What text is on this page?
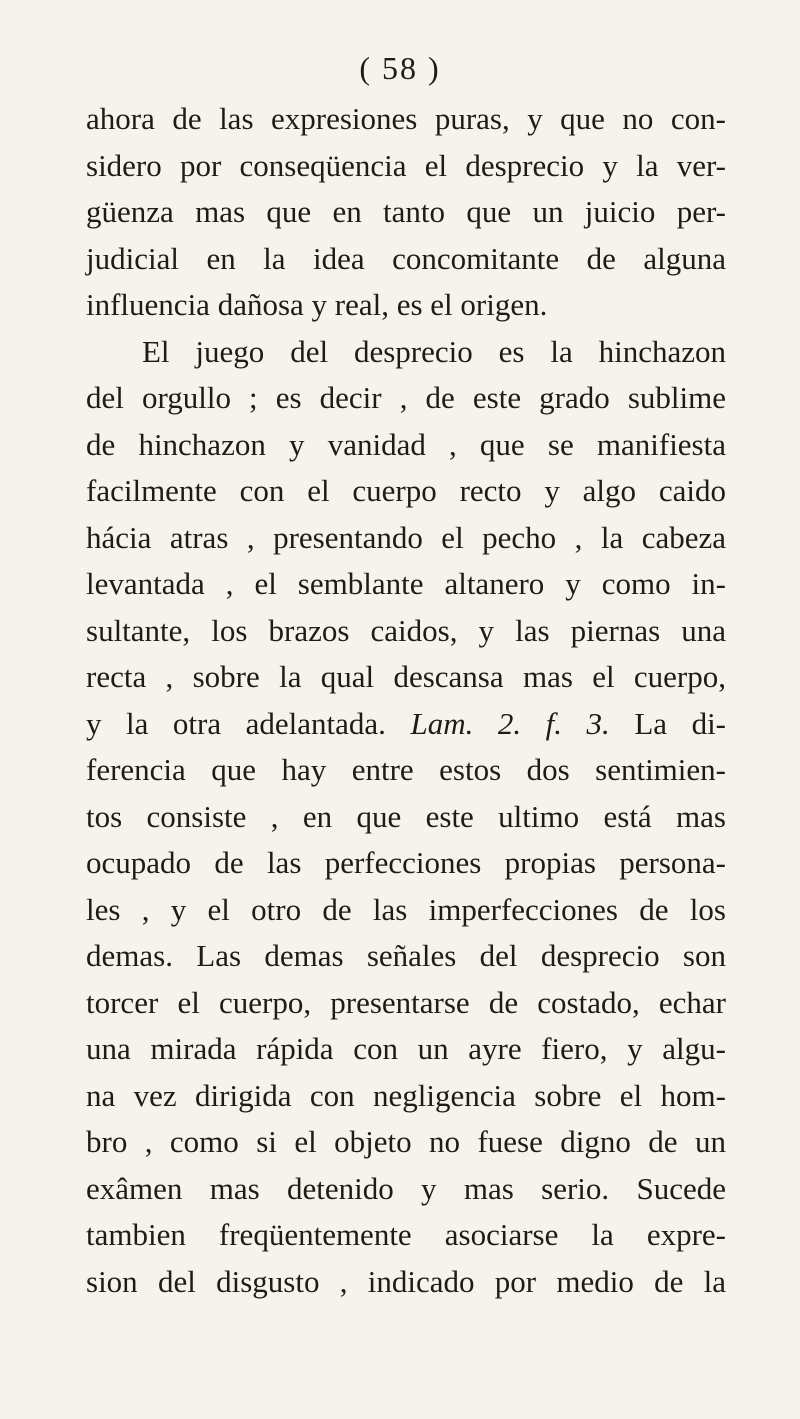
( 58 )
ahora de las expresiones puras, y que no con-
sidero por conseqüencia el desprecio y la ver-
güenza mas que en tanto que un juicio per-
judicial en la idea concomitante de alguna
influencia dañosa y real, es el origen.
El juego del desprecio es la hinchazon
del orgullo ; es decir , de este grado sublime
de hinchazon y vanidad , que se manifiesta
facilmente con el cuerpo recto y algo caido
hácia atras , presentando el pecho , la cabeza
levantada , el semblante altanero y como in-
sultante, los brazos caidos, y las piernas una
recta , sobre la qual descansa mas el cuerpo,
y la otra adelantada. Lam. 2. f. 3. La di-
ferencia que hay entre estos dos sentimien-
tos consiste , en que este ultimo está mas
ocupado de las perfecciones propias persona-
les , y el otro de las imperfecciones de los
demas. Las demas señales del desprecio son
torcer el cuerpo, presentarse de costado, echar
una mirada rápida con un ayre fiero, y algu-
na vez dirigida con negligencia sobre el hom-
bro , como si el objeto no fuese digno de un
exâmen mas detenido y mas serio. Sucede
tambien freqüentemente asociarse la expre-
sion del disgusto , indicado por medio de la
